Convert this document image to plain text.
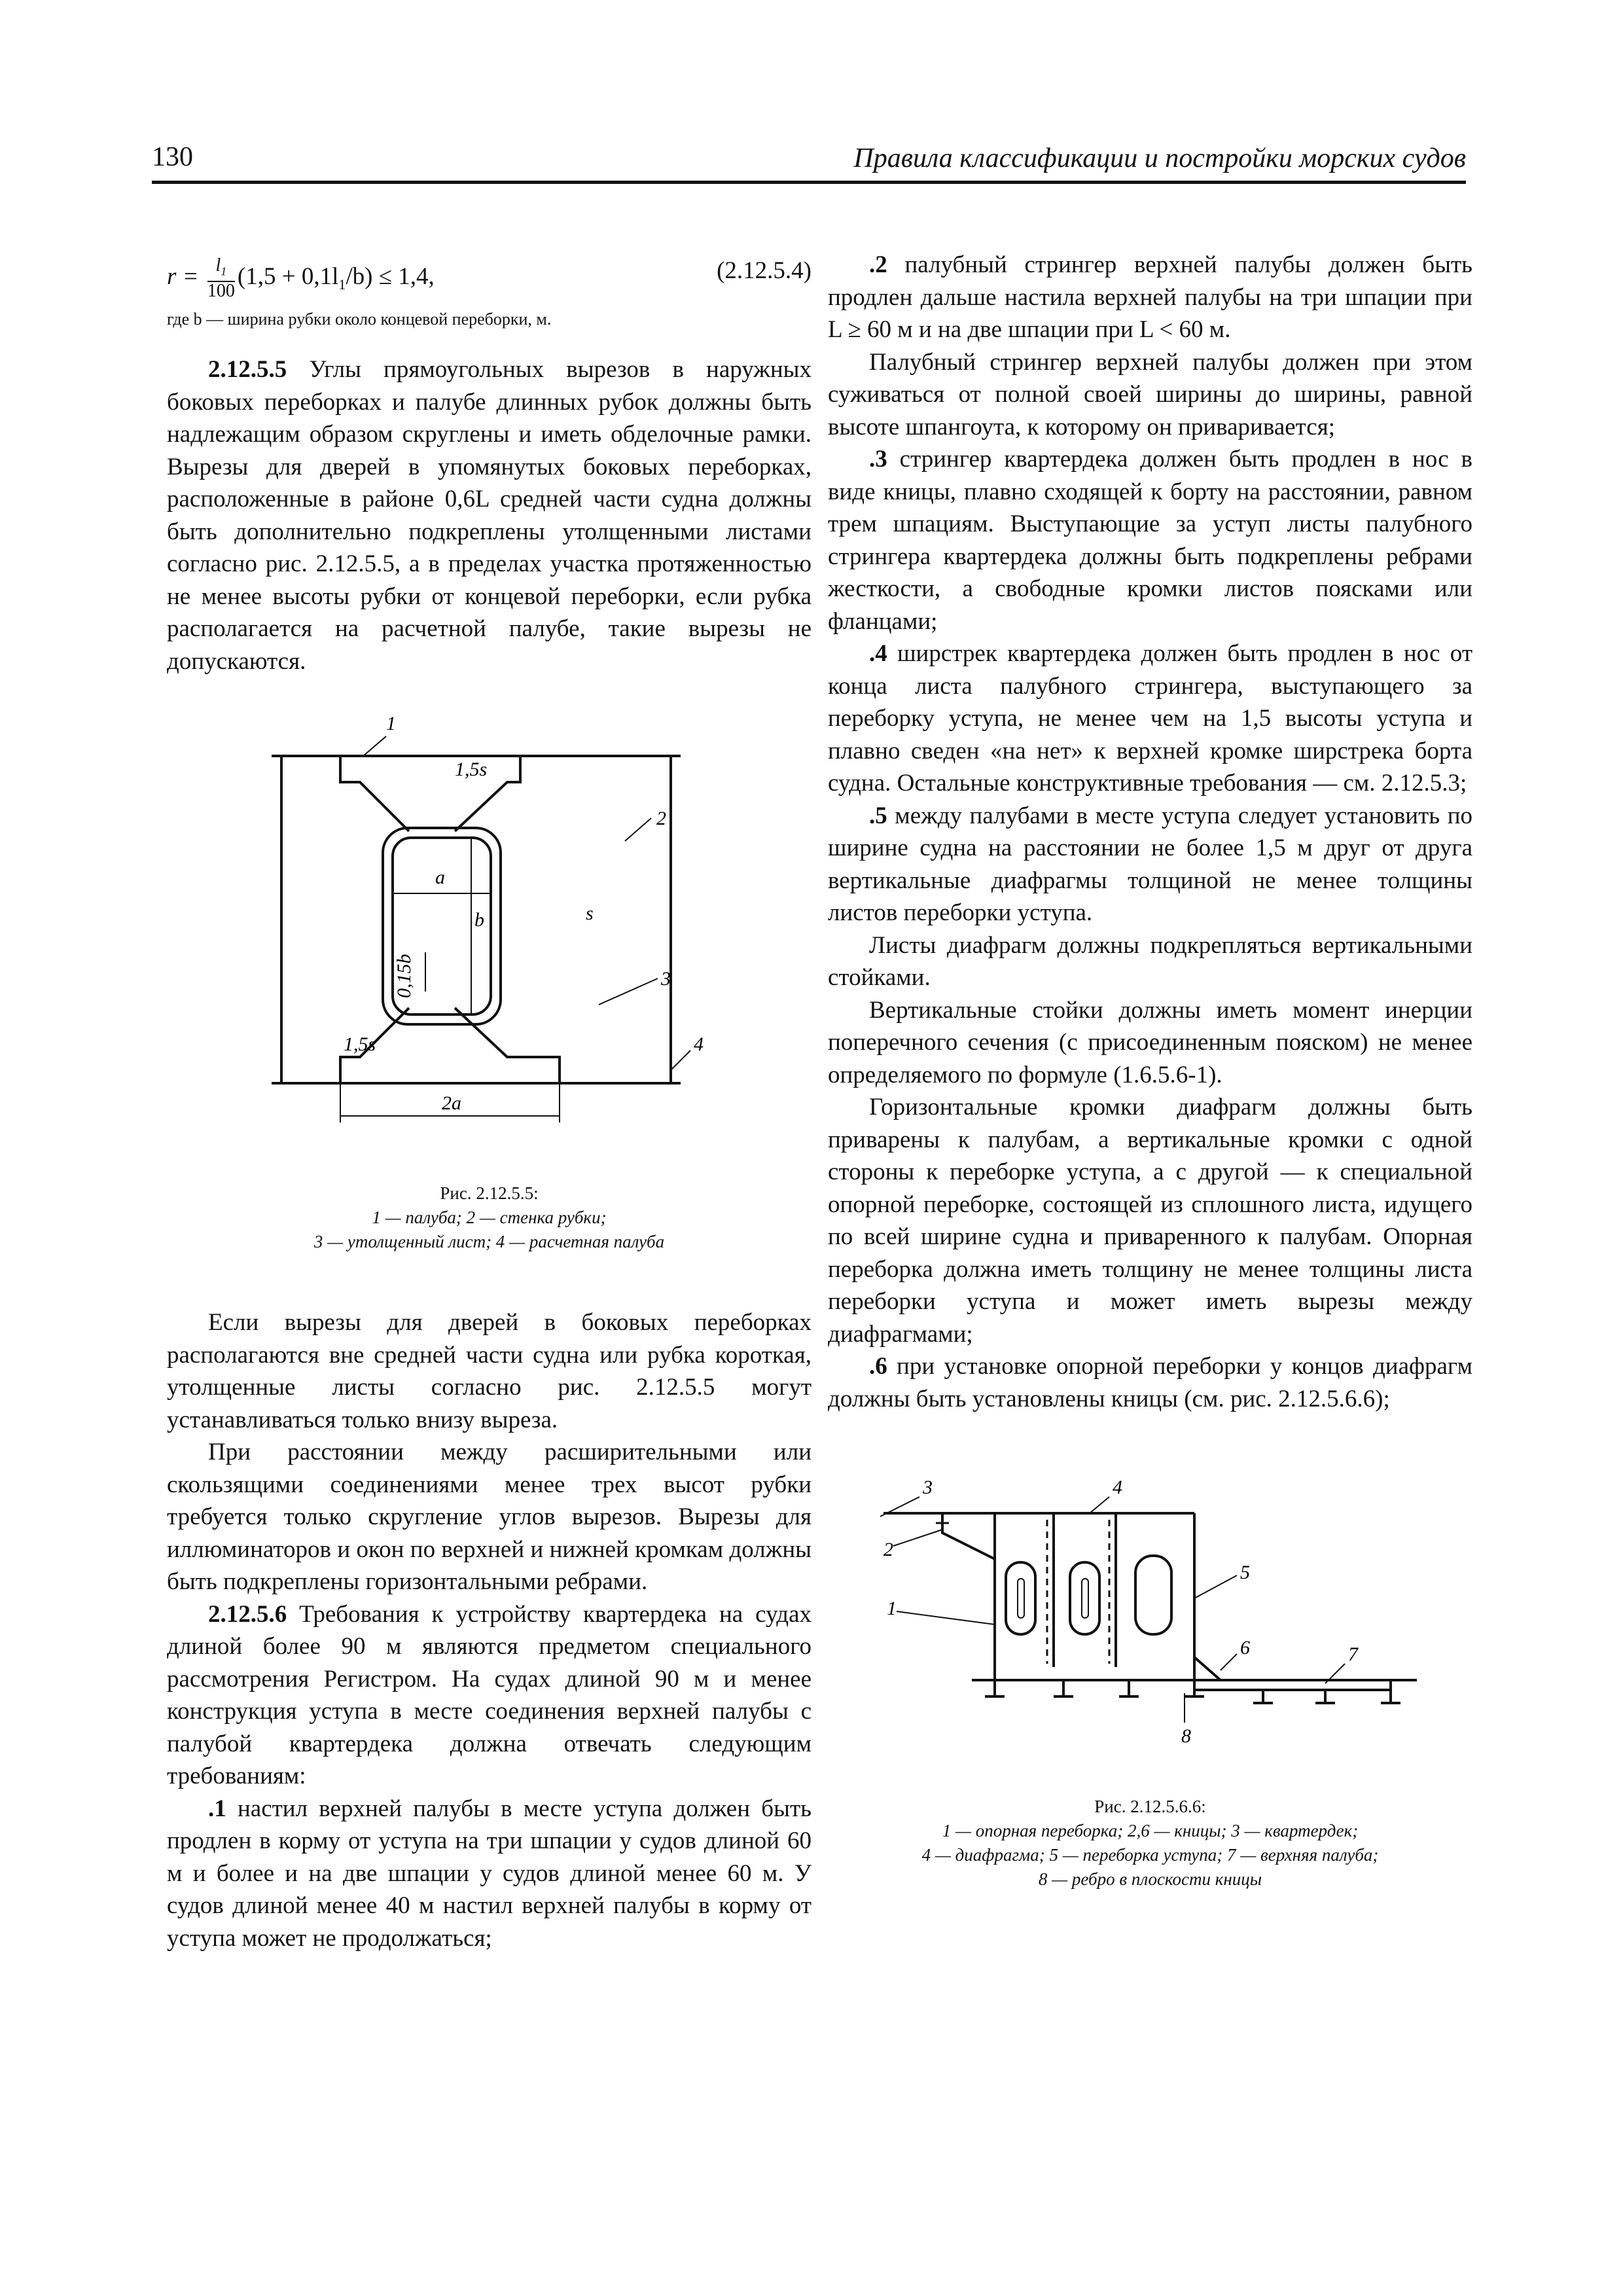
130	Правила классификации и постройки морских судов
$r = \frac{l_1}{100} (1,5 + 0,1l_1/b) \le 1,4$,	(2.12.5.4)

где b — ширина рубки около концевой переборки, м.

2.12.5.5 Углы прямоугольных вырезов в наружных боковых переборках и палубе длинных рубок должны быть надлежащим образом скруглены и иметь обделочные рамки. Вырезы для дверей в упомянутых боковых переборках, расположенные в районе 0,6L средней части судна должны быть дополнительно подкреплены утолщенными листами согласно рис. 2.12.5.5, а в пределах участка протяженностью не менее высоты рубки от концевой переборки, если рубка располагается на расчетной палубе, такие вырезы не допускаются.

1
2
3
4
1,5s
1,5s
a
b	s
0,15b
2a
Рис. 2.12.5.5:
1 — палуба; 2 — стенка рубки;
3 — утолщенный лист; 4 — расчетная палуба

Если вырезы для дверей в боковых переборках располагаются вне средней части судна или рубка короткая, утолщенные листы согласно рис. 2.12.5.5 могут устанавливаться только внизу выреза.

При расстоянии между расширительными или скользящими соединениями менее трех высот рубки требуется только скругление углов вырезов. Вырезы для иллюминаторов и окон по верхней и нижней кромкам должны быть подкреплены горизонтальными ребрами.

2.12.5.6 Требования к устройству квартердека на судах длиной более 90 м являются предметом специального рассмотрения Регистром. На судах длиной 90 м и менее конструкция уступа в месте соединения верхней палубы с палубой квартердека должна отвечать следующим требованиям:

.1 настил верхней палубы в месте уступа должен быть продлен в корму от уступа на три шпации у судов длиной 60 м и более и на две шпации у судов длиной менее 60 м. У судов длиной менее 40 м настил верхней палубы в корму от уступа может не продолжаться;

.2 палубный стрингер верхней палубы должен быть продлен дальше настила верхней палубы на три шпации при L ≥ 60 м и на две шпации при L < 60 м.

Палубный стрингер верхней палубы должен при этом суживаться от полной своей ширины до ширины, равной высоте шпангоута, к которому он приваривается;

.3 стрингер квартердека должен быть продлен в нос в виде кницы, плавно сходящей к борту на расстоянии, равном трем шпациям. Выступающие за уступ листы палубного стрингера квартердека должны быть подкреплены ребрами жесткости, а свободные кромки листов поясками или фланцами;

.4 ширстрек квартердека должен быть продлен в нос от конца листа палубного стрингера, выступающего за переборку уступа, не менее чем на 1,5 высоты уступа и плавно сведен «на нет» к верхней кромке ширстрека борта судна. Остальные конструктивные требования — см. 2.12.5.3;

.5 между палубами в месте уступа следует установить по ширине судна на расстоянии не более 1,5 м друг от друга вертикальные диафрагмы толщиной не менее толщины листов переборки уступа.

Листы диафрагм должны подкрепляться вертикальными стойками.

Вертикальные стойки должны иметь момент инерции поперечного сечения (с присоединенным пояском) не менее определяемого по формуле (1.6.5.6-1).

Горизонтальные кромки диафрагм должны быть приварены к палубам, а вертикальные кромки с одной стороны к переборке уступа, а с другой — к специальной опорной переборке, состоящей из сплошного листа, идущего по всей ширине судна и приваренного к палубам. Опорная переборка должна иметь толщину не менее толщины листа переборки уступа и может иметь вырезы между диафрагмами;

.6 при установке опорной переборки у концов диафрагм должны быть установлены кницы (см. рис. 2.12.5.6.6);

3
2
4
5
1
6	7
8
Рис. 2.12.5.6.6:
1 — опорная переборка; 2,6 — кницы; 3 — квартердек;
4 — диафрагма; 5 — переборка уступа; 7 — верхняя палуба;
8 — ребро в плоскости кницы
